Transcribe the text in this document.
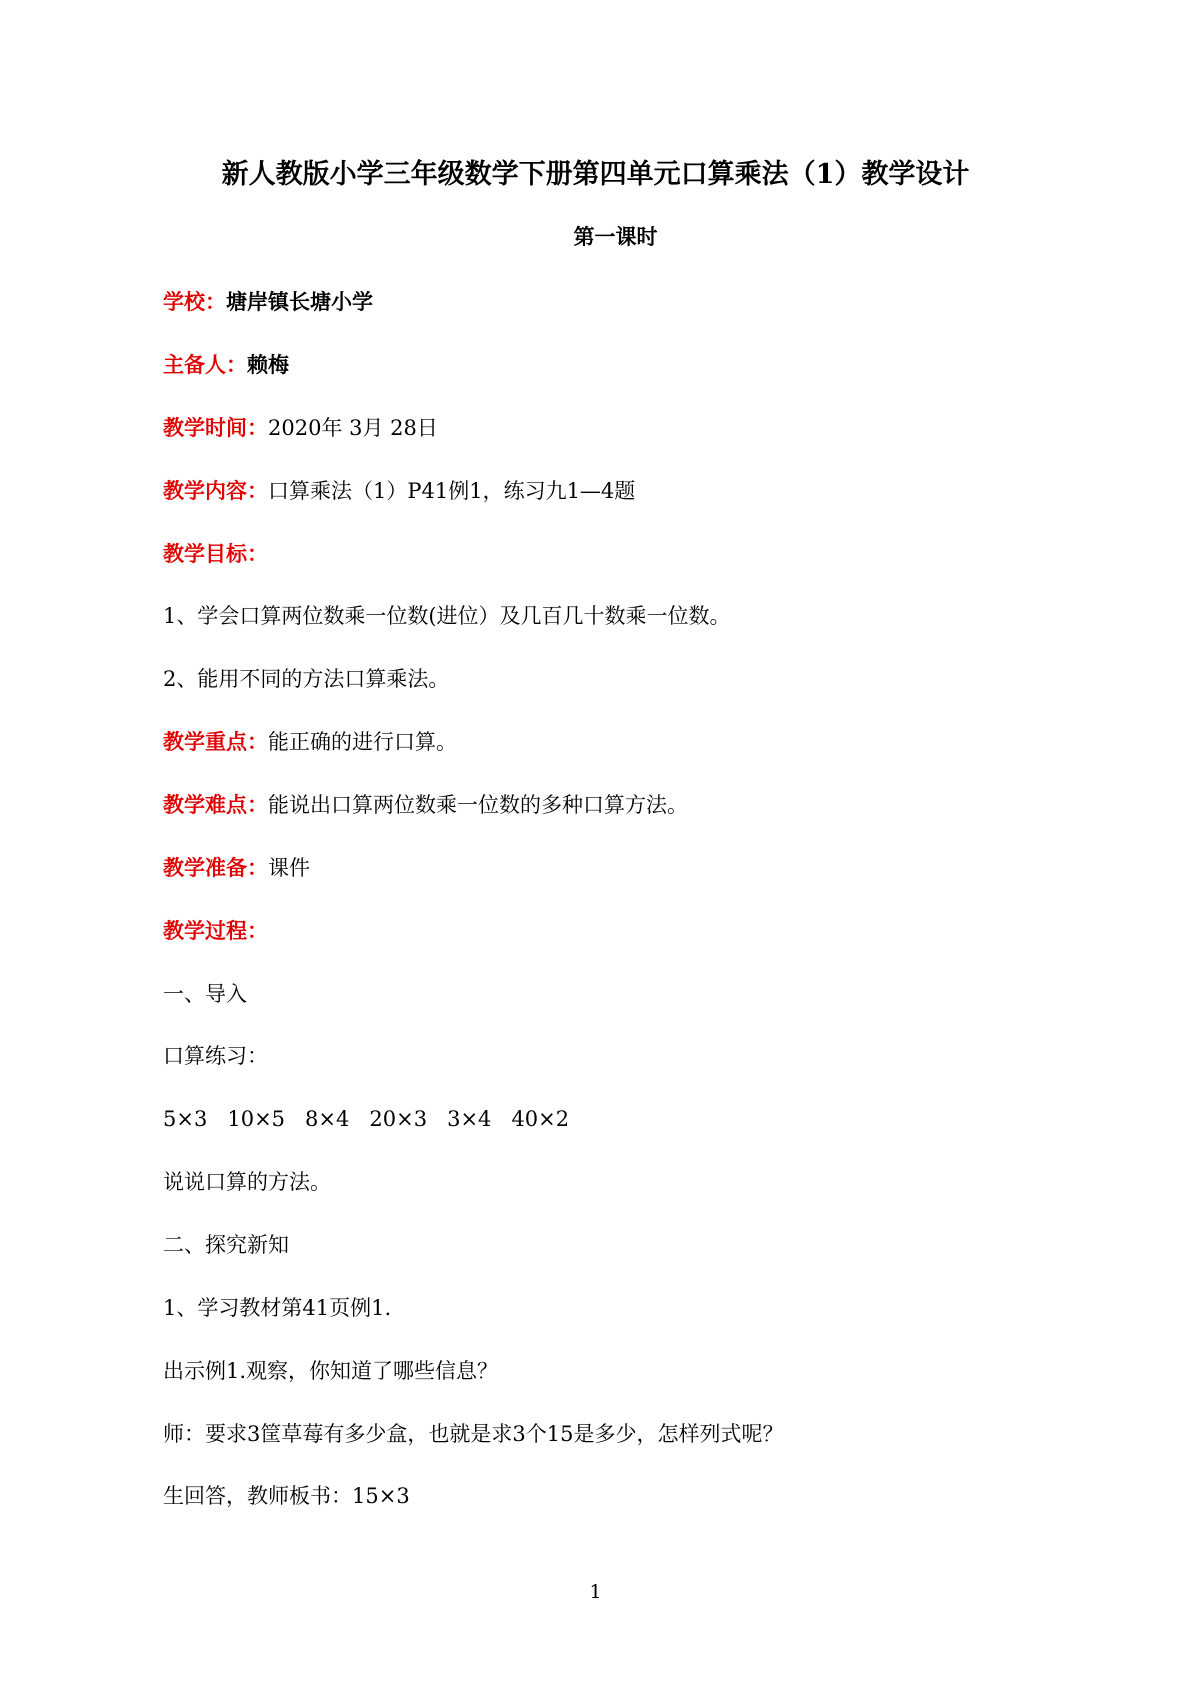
新人教版小学三年级数学下册第四单元口算乘法（1）教学设计
第一课时
学校：塘岸镇长塘小学
主备人：赖梅
教学时间：2020年 3月 28日
教学内容：口算乘法（1）P41例1，练习九1—4题
教学目标：
1、学会口算两位数乘一位数(进位）及几百几十数乘一位数。
2、能用不同的方法口算乘法。
教学重点：能正确的进行口算。
教学难点：能说出口算两位数乘一位数的多种口算方法。
教学准备：课件
教学过程：
一、导入
口算练习：
5×3   10×5   8×4   20×3   3×4   40×2
说说口算的方法。
二、探究新知
1、学习教材第41页例1.
出示例1.观察，你知道了哪些信息？
师：要求3筐草莓有多少盒，也就是求3个15是多少，怎样列式呢？
生回答，教师板书：15×3
1
